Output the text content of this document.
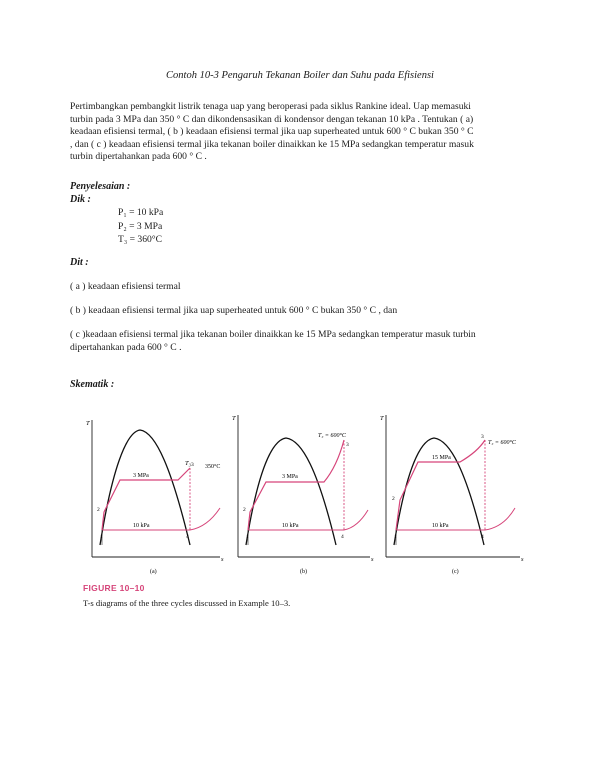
Contoh 10-3 Pengaruh Tekanan Boiler dan Suhu pada Efisiensi
Pertimbangkan pembangkit listrik tenaga uap yang beroperasi pada siklus Rankine ideal. Uap memasuki
turbin pada 3 MPa dan 350 ° C dan dikondensasikan di kondensor dengan tekanan 10 kPa . Tentukan ( a)
keadaan efisiensi termal, ( b ) keadaan efisiensi termal jika uap superheated untuk 600 ° C bukan 350 ° C
, dan ( c ) keadaan efisiensi termal jika tekanan boiler dinaikkan ke 15 MPa sedangkan temperatur masuk
turbin dipertahankan pada 600 ° C .
Penyelesaian :
Dik :
P₁ = 10 kPa
P₂ = 3 MPa
T₃ = 360°C
Dit :
( a ) keadaan efisiensi termal
( b ) keadaan efisiensi termal jika uap superheated untuk 600 ° C bukan 350 ° C , dan
( c )keadaan efisiensi termal jika tekanan boiler dinaikkan ke 15 MPa sedangkan temperatur masuk turbin
dipertahankan pada 600 ° C .
Skematik :
T
s
3 MPa
10 kPa
T₃ 350°C
2
1
3
4
(a)
T
s
3 MPa
10 kPa
T₃ = 600°C
2
1
3
4
(b)
T
s
15 MPa
10 kPa
T₃ = 600°C
2
1
3
4
(c)
FIGURE 10–10
T-s diagrams of the three cycles discussed in Example 10–3.
